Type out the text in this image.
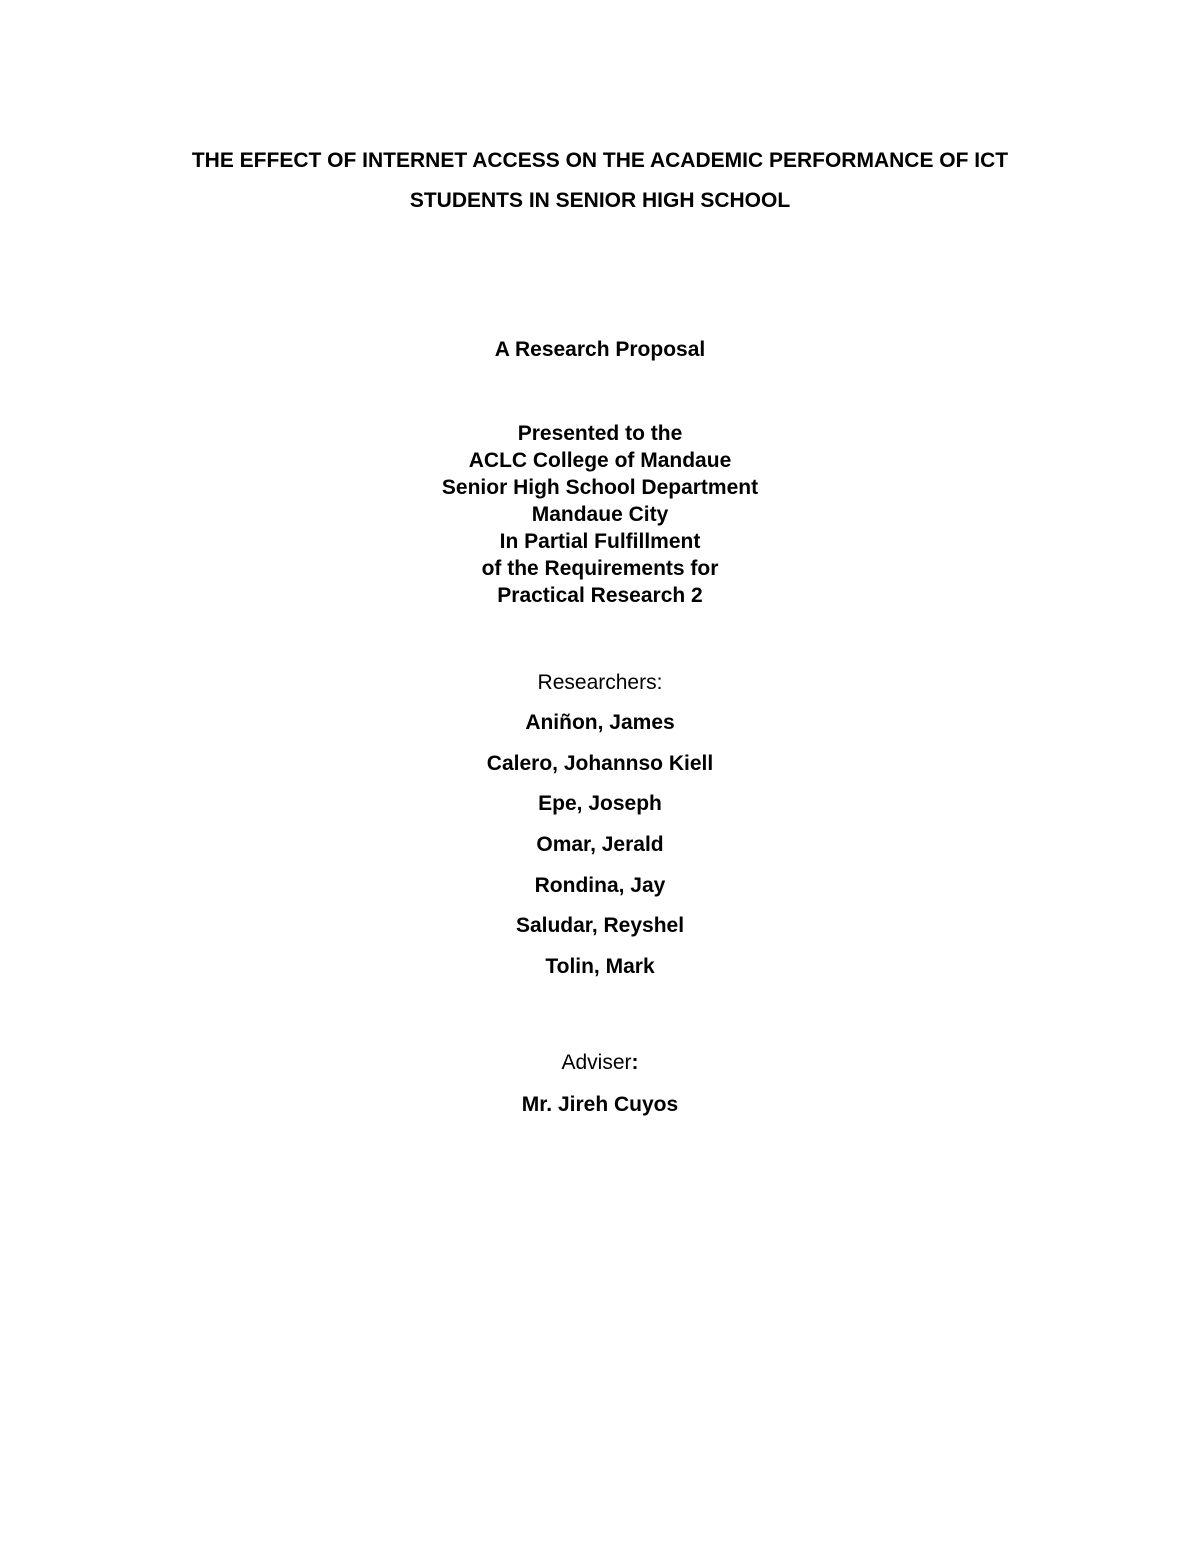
THE EFFECT OF INTERNET ACCESS ON THE ACADEMIC PERFORMANCE OF ICT
STUDENTS IN SENIOR HIGH SCHOOL
A Research Proposal
Presented to the
ACLC College of Mandaue
Senior High School Department
Mandaue City
In Partial Fulfillment
of the Requirements for
Practical Research 2
Researchers:
Aniñon, James
Calero, Johannso Kiell
Epe, Joseph
Omar, Jerald
Rondina, Jay
Saludar, Reyshel
Tolin, Mark
Adviser:
Mr. Jireh Cuyos
